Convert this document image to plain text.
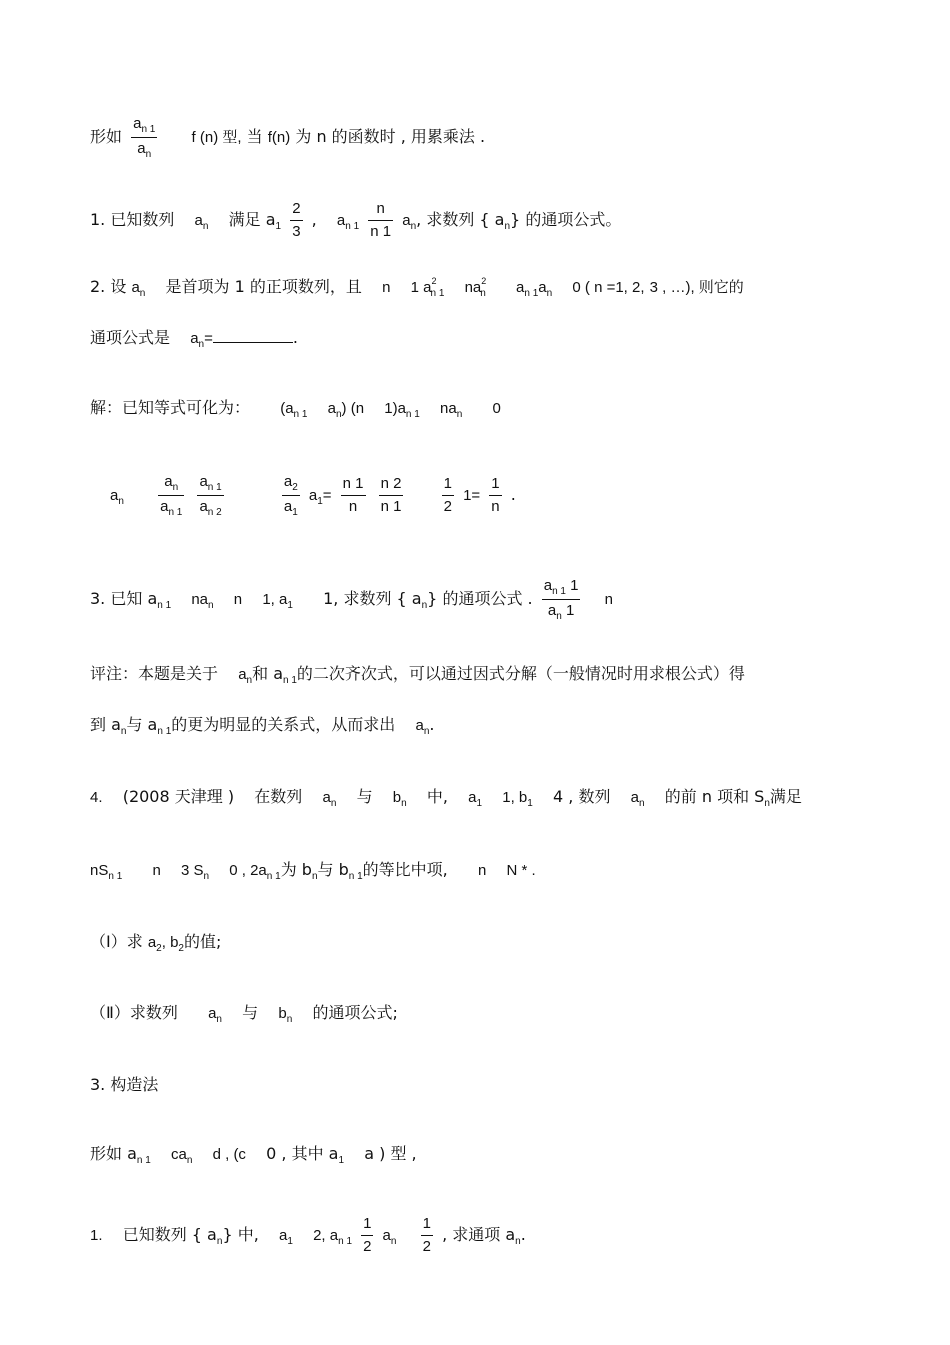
形如 $\frac{a_{n 1}}{a_n}$ f (n) 型, 当 f(n) 为 n 的函数时 , 用累乘法 .
1. 已知数列 $a_n$ 满足 $a_1 \frac{2}{3}$ , $a_{n 1} \frac{n}{n 1} a_n$, 求数列 { $a_n$} 的通项公式。
2. 设 $a_n$ 是首项为 1 的正项数列，且 n 1 $a^2_{n 1}$ $na^2_n$ $a_{n 1}a_n$ 0 ( n =1, 2, 3 , …), 则它的
通项公式是 $a_n=$	.
解：已知等式可化为： ($a_{n 1}$ $a_n$) (n $1)a_{n 1}$ $na_n$ 0
$a_n \frac{a_n}{a_{n 1}}$
$\frac{a_{n 1}}{a_{n 2}}$
	$\frac{a_2}{a_1} a_1= \frac{n 1}{n}$
$\frac{n 2}{n 1}$
	$\frac{1}{2} 1= \frac{1}{n}$ .
3. 已知 $a_{n 1}$ $na_n$ n 1, $a_1$ 1, 求数列 { $a_n$} 的通项公式 . $\frac{a_{n 1} 1}{a_n 1}$ n
评注：本题是关于 $a_n$和 $a_{n 1}$的二次齐次式，可以通过因式分解（一般情况时用求根公式）得
到 $a_n$与 $a_{n 1}$的更为明显的关系式，从而求出 $a_n$.
4. (2008 天津理 ) 在数列 $a_n$ 与 $b_n$ 中, $a_1$ 1, $b_1$ 4 , 数列 $a_n$ 的前 n 项和 $S_n$满足
$nS_{n 1}$ n 3 $S_n$ 0 , $2a_{n 1}$为 $b_n$与 $b_{n 1}$的等比中项, n N * .
（Ⅰ）求 $a_2$, $b_2$的值;
（Ⅱ）求数列 $a_n$ 与 $b_n$ 的通项公式;
3. 构造法
形如 $a_{n 1}$ $ca_n$ d , (c 0 , 其中 $a_1$ a ) 型 ,
1. 已知数列 { $a_n$} 中, $a_1$ 2, $a_{n 1} \frac{1}{2} a_n \frac{1}{2}$ , 求通项 $a_n$.
